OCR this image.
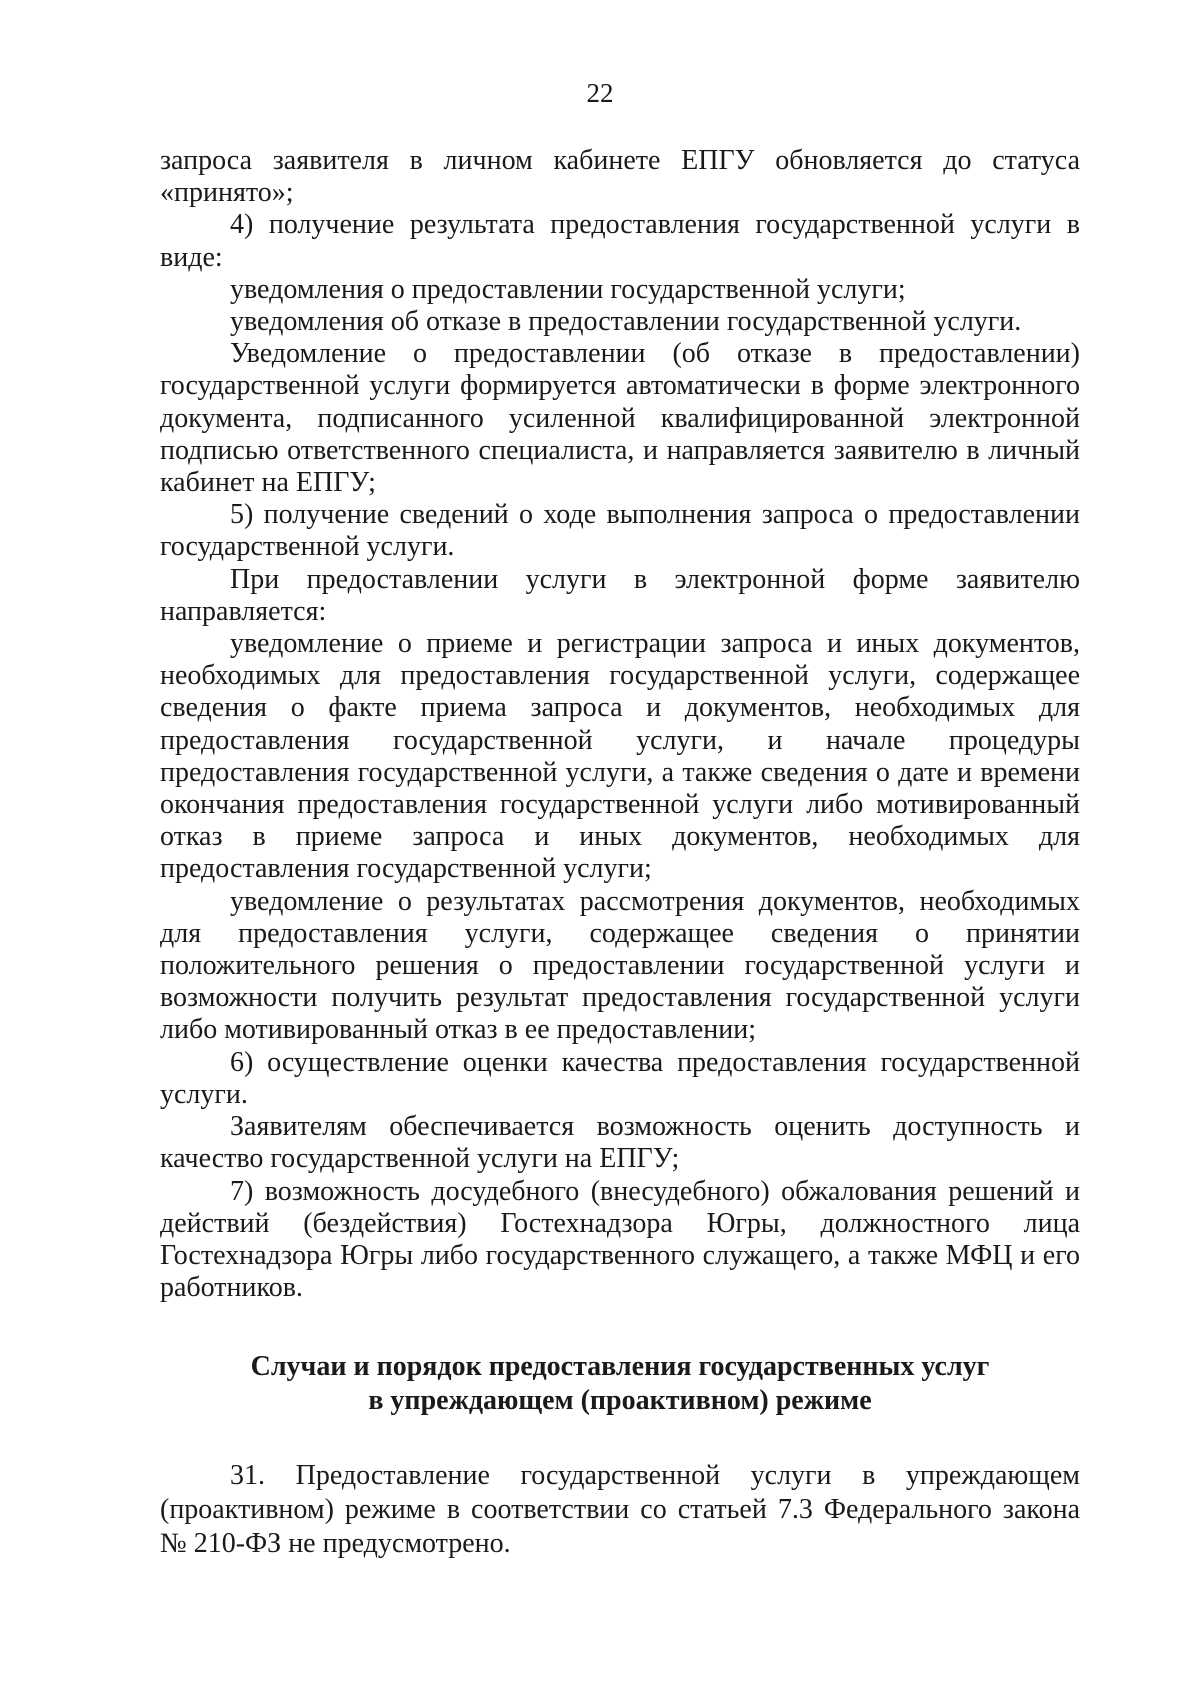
22

запроса заявителя в личном кабинете ЕПГУ обновляется до статуса «принято»;

4) получение результата предоставления государственной услуги в виде:

уведомления о предоставлении государственной услуги;

уведомления об отказе в предоставлении государственной услуги.

Уведомление о предоставлении (об отказе в предоставлении) государственной услуги формируется автоматически в форме электронного документа, подписанного усиленной квалифицированной электронной подписью ответственного специалиста, и направляется заявителю в личный кабинет на ЕПГУ;

5) получение сведений о ходе выполнения запроса о предоставлении государственной услуги.

При предоставлении услуги в электронной форме заявителю направляется:

уведомление о приеме и регистрации запроса и иных документов, необходимых для предоставления государственной услуги, содержащее сведения о факте приема запроса и документов, необходимых для предоставления государственной услуги, и начале процедуры предоставления государственной услуги, а также сведения о дате и времени окончания предоставления государственной услуги либо мотивированный отказ в приеме запроса и иных документов, необходимых для предоставления государственной услуги;

уведомление о результатах рассмотрения документов, необходимых для предоставления услуги, содержащее сведения о принятии положительного решения о предоставлении государственной услуги и возможности получить результат предоставления государственной услуги либо мотивированный отказ в ее предоставлении;

6) осуществление оценки качества предоставления государственной услуги.

Заявителям обеспечивается возможность оценить доступность и качество государственной услуги на ЕПГУ;

7) возможность досудебного (внесудебного) обжалования решений и действий (бездействия) Гостехнадзора Югры, должностного лица Гостехнадзора Югры либо государственного служащего, а также МФЦ и его работников.

Случаи и порядок предоставления государственных услуг
в упреждающем (проактивном) режиме

31. Предоставление государственной услуги в упреждающем (проактивном) режиме в соответствии со статьей 7.3 Федерального закона № 210-ФЗ не предусмотрено.
